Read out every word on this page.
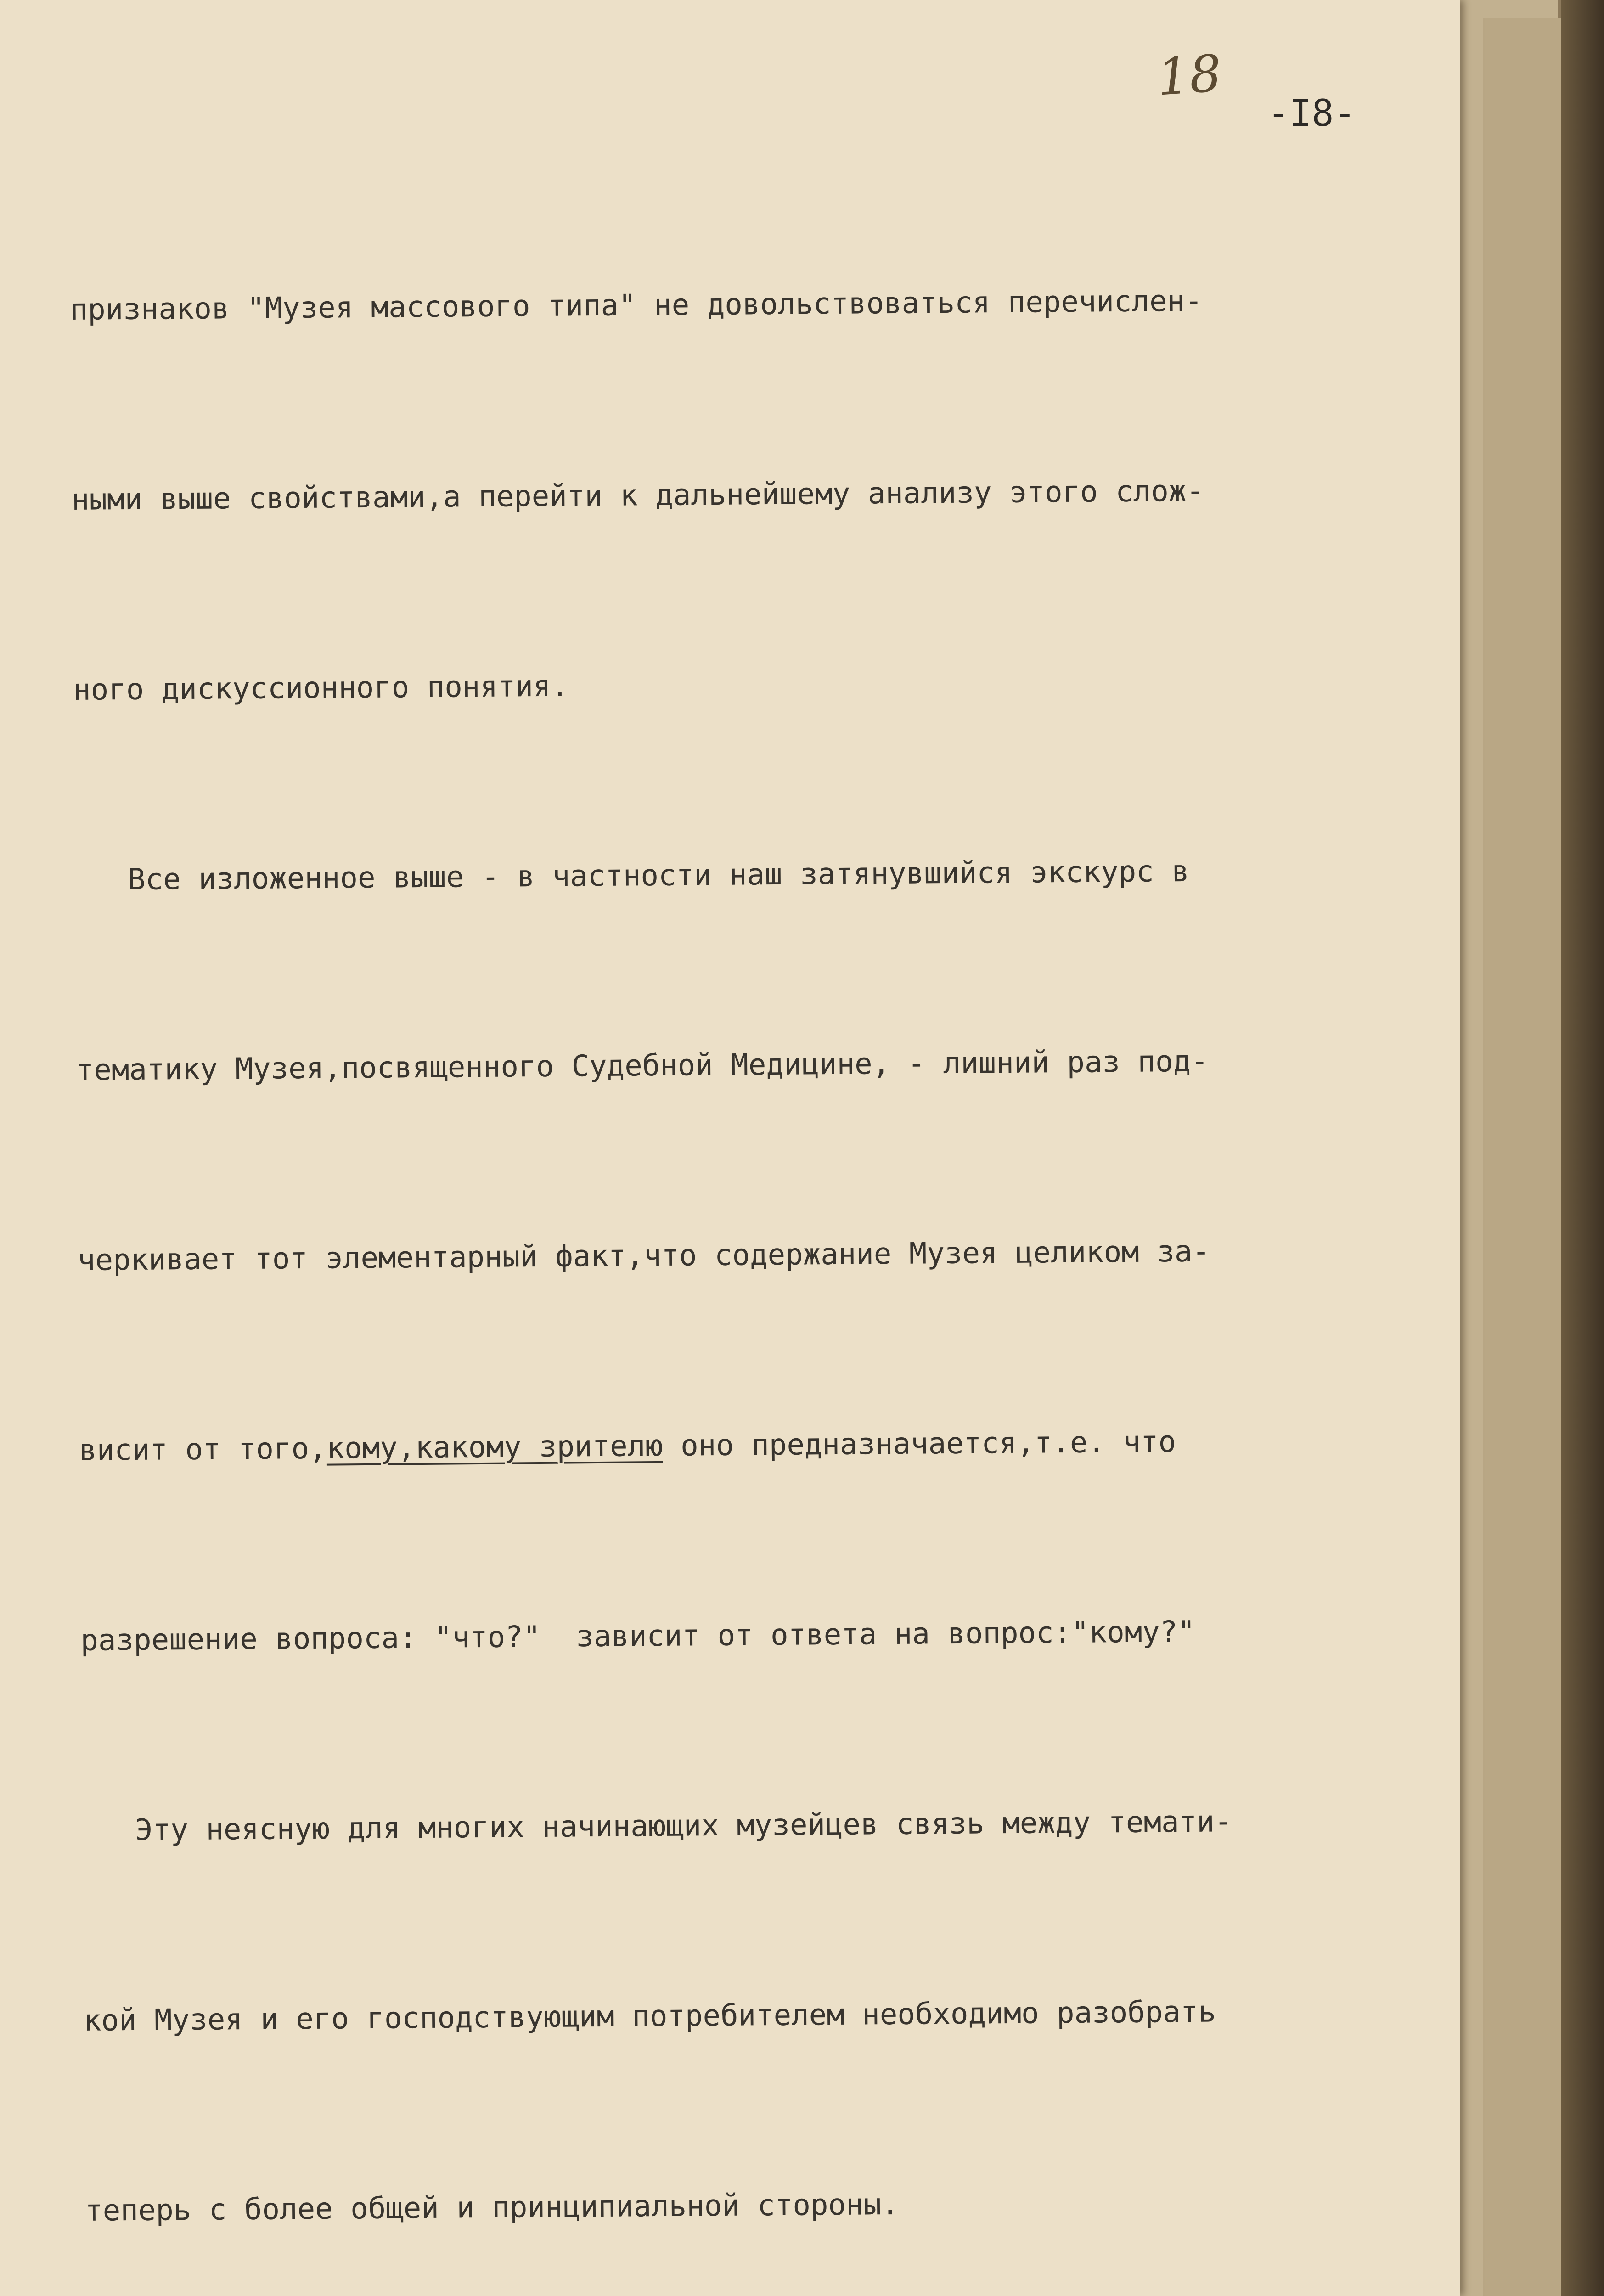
18
-I8-

признаков "Музея массового типа" не довольствоваться перечислен-

ными выше свойствами,а перейти к дальнейшему анализу этого слож-

ного дискуссионного понятия.

Все изложенное выше - в частности наш затянувшийся экскурс в

тематику Музея,посвященного Судебной Медицине, - лишний раз под-

черкивает тот элементарный факт,что содержание Музея целиком за-

висит от того,кому,какому зрителю оно предназначается,т.е. что

разрешение вопроса: "что?"  зависит от ответа на вопрос:"кому?"

Эту неясную для многих начинающих музейцев связь между темати-

кой Музея и его господствующим потребителем необходимо разобрать

теперь с более общей и принципиальной стороны.
